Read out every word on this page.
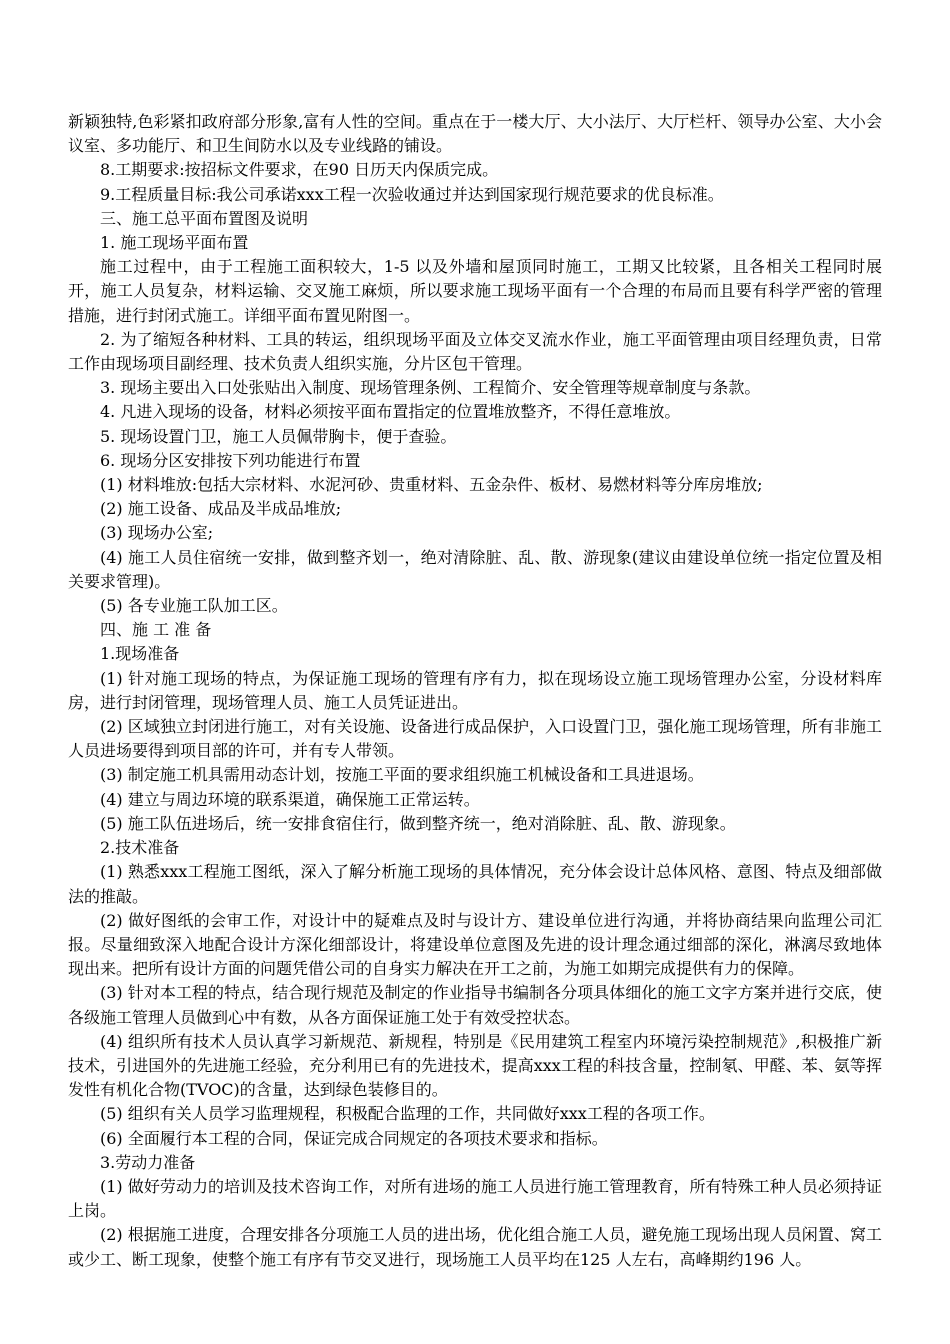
新颖独特,色彩紧扣政府部分形象,富有人性的空间。重点在于一楼大厅、大小法厅、大厅栏杆、领导办公室、大小会议室、多功能厅、和卫生间防水以及专业线路的铺设。

8.工期要求:按招标文件要求，在90 日历天内保质完成。

9.工程质量目标:我公司承诺xxx工程一次验收通过并达到国家现行规范要求的优良标准。

三、施工总平面布置图及说明

1. 施工现场平面布置

施工过程中，由于工程施工面积较大，1-5 以及外墙和屋顶同时施工，工期又比较紧，且各相关工程同时展开，施工人员复杂，材料运输、交叉施工麻烦，所以要求施工现场平面有一个合理的布局而且要有科学严密的管理措施，进行封闭式施工。详细平面布置见附图一。

2. 为了缩短各种材料、工具的转运，组织现场平面及立体交叉流水作业，施工平面管理由项目经理负责，日常工作由现场项目副经理、技术负责人组织实施，分片区包干管理。

3. 现场主要出入口处张贴出入制度、现场管理条例、工程简介、安全管理等规章制度与条款。

4. 凡进入现场的设备，材料必须按平面布置指定的位置堆放整齐，不得任意堆放。

5. 现场设置门卫，施工人员佩带胸卡，便于查验。

6. 现场分区安排按下列功能进行布置

(1) 材料堆放:包括大宗材料、水泥河砂、贵重材料、五金杂件、板材、易燃材料等分库房堆放;

(2) 施工设备、成品及半成品堆放;

(3) 现场办公室;

(4) 施工人员住宿统一安排，做到整齐划一，绝对清除脏、乱、散、游现象(建议由建设单位统一指定位置及相关要求管理)。

(5) 各专业施工队加工区。

四、施 工 准 备

1.现场准备

(1) 针对施工现场的特点，为保证施工现场的管理有序有力，拟在现场设立施工现场管理办公室，分设材料库房，进行封闭管理，现场管理人员、施工人员凭证进出。

(2) 区域独立封闭进行施工，对有关设施、设备进行成品保护，入口设置门卫，强化施工现场管理，所有非施工人员进场要得到项目部的许可，并有专人带领。

(3) 制定施工机具需用动态计划，按施工平面的要求组织施工机械设备和工具进退场。

(4) 建立与周边环境的联系渠道，确保施工正常运转。

(5) 施工队伍进场后，统一安排食宿住行，做到整齐统一，绝对消除脏、乱、散、游现象。

2.技术准备

(1) 熟悉xxx工程施工图纸，深入了解分析施工现场的具体情况，充分体会设计总体风格、意图、特点及细部做法的推敲。

(2) 做好图纸的会审工作，对设计中的疑难点及时与设计方、建设单位进行沟通，并将协商结果向监理公司汇报。尽量细致深入地配合设计方深化细部设计，将建设单位意图及先进的设计理念通过细部的深化，淋漓尽致地体现出来。把所有设计方面的问题凭借公司的自身实力解决在开工之前，为施工如期完成提供有力的保障。

(3) 针对本工程的特点，结合现行规范及制定的作业指导书编制各分项具体细化的施工文字方案并进行交底，使各级施工管理人员做到心中有数，从各方面保证施工处于有效受控状态。

(4) 组织所有技术人员认真学习新规范、新规程，特别是《民用建筑工程室内环境污染控制规范》,积极推广新技术，引进国外的先进施工经验，充分利用已有的先进技术，提高xxx工程的科技含量，控制氡、甲醛、苯、氨等挥发性有机化合物(TVOC)的含量，达到绿色装修目的。

(5) 组织有关人员学习监理规程，积极配合监理的工作，共同做好xxx工程的各项工作。

(6) 全面履行本工程的合同，保证完成合同规定的各项技术要求和指标。

3.劳动力准备

(1) 做好劳动力的培训及技术咨询工作，对所有进场的施工人员进行施工管理教育，所有特殊工种人员必须持证上岗。

(2) 根据施工进度，合理安排各分项施工人员的进出场，优化组合施工人员，避免施工现场出现人员闲置、窝工或少工、断工现象，使整个施工有序有节交叉进行，现场施工人员平均在125 人左右，高峰期约196 人。
